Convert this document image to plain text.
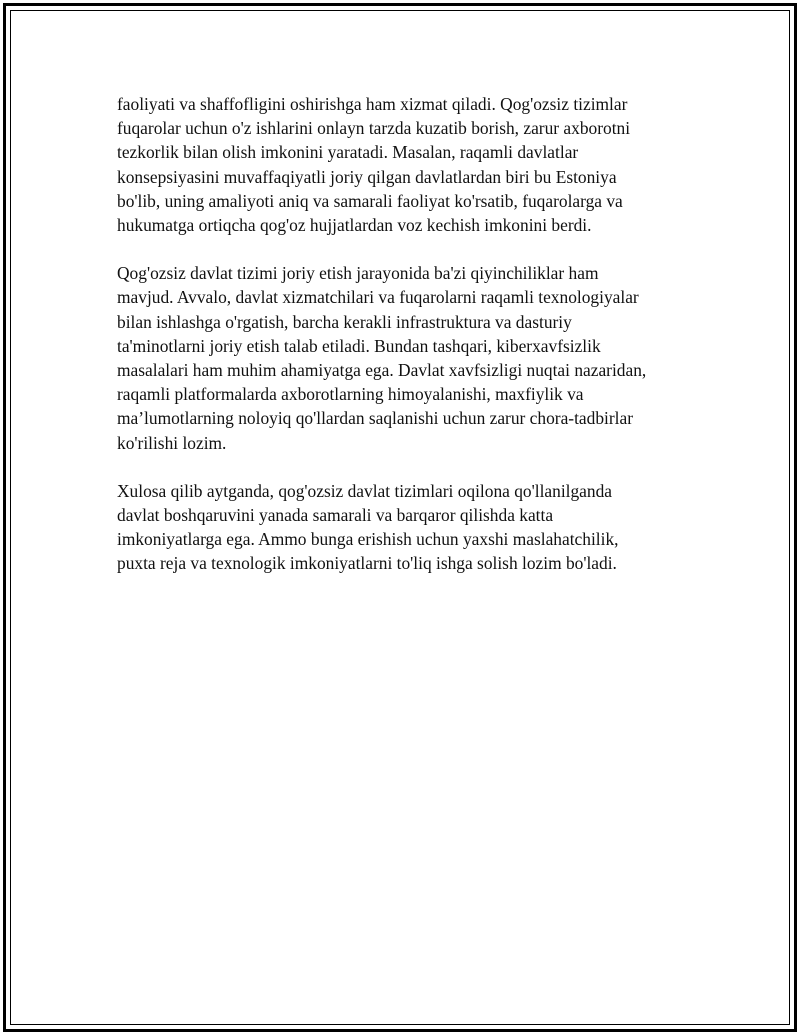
faoliyati va shaffofligini oshirishga ham xizmat qiladi. Qog'ozsiz tizimlar
fuqarolar uchun o'z ishlarini onlayn tarzda kuzatib borish, zarur axborotni
tezkorlik bilan olish imkonini yaratadi. Masalan, raqamli davlatlar
konsepsiyasini muvaffaqiyatli joriy qilgan davlatlardan biri bu Estoniya
bo'lib, uning amaliyoti aniq va samarali faoliyat ko'rsatib, fuqarolarga va
hukumatga ortiqcha qog'oz hujjatlardan voz kechish imkonini berdi.

Qog'ozsiz davlat tizimi joriy etish jarayonida ba'zi qiyinchiliklar ham
mavjud. Avvalo, davlat xizmatchilari va fuqarolarni raqamli texnologiyalar
bilan ishlashga o'rgatish, barcha kerakli infrastruktura va dasturiy
ta'minotlarni joriy etish talab etiladi. Bundan tashqari, kiberxavfsizlik
masalalari ham muhim ahamiyatga ega. Davlat xavfsizligi nuqtai nazaridan,
raqamli platformalarda axborotlarning himoyalanishi, maxfiylik va
ma’lumotlarning noloyiq qo'llardan saqlanishi uchun zarur chora-tadbirlar
ko'rilishi lozim.

Xulosa qilib aytganda, qog'ozsiz davlat tizimlari oqilona qo'llanilganda
davlat boshqaruvini yanada samarali va barqaror qilishda katta
imkoniyatlarga ega. Ammo bunga erishish uchun yaxshi maslahatchilik,
puxta reja va texnologik imkoniyatlarni to'liq ishga solish lozim bo'ladi.
